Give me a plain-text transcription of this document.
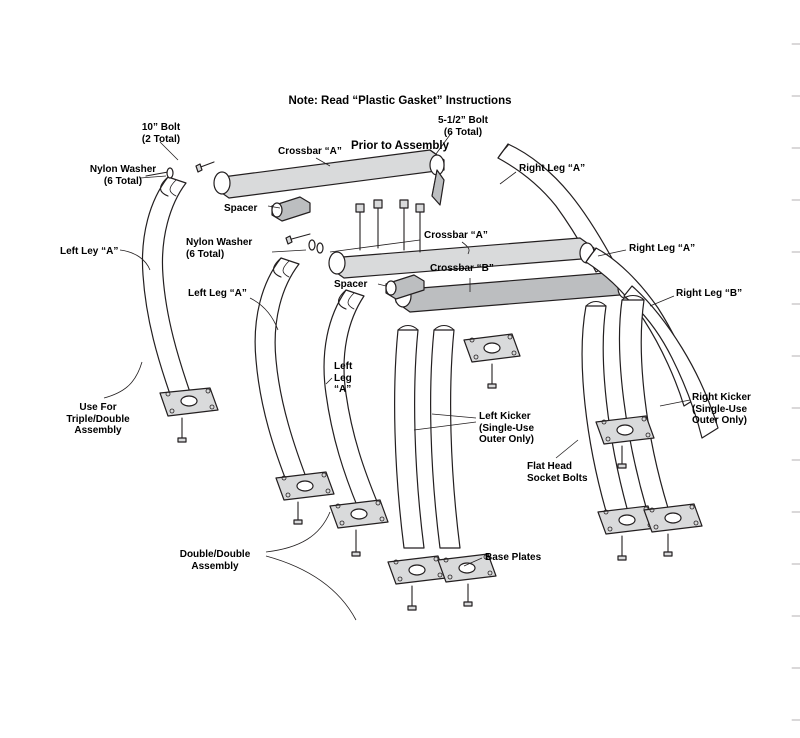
Note: Read “Plastic Gasket” Instructions

Prior to Assembly

10” Bolt
(2 Total)
Nylon Washer
(6 Total)
Crossbar “A”
5-1/2” Bolt
(6 Total)
Right Leg “A”
Spacer
Left Ley “A”
Nylon Washer
(6 Total)
Crossbar “A”
Right Leg “A”
Spacer
Crossbar “B”
Right Leg “B”
Left Leg “A”
Left
Leg
“A”
Use For
Triple/Double
Assembly
Left Kicker
(Single-Use
Outer Only)
Right Kicker
(Single-Use
Outer Only)
Flat Head
Socket Bolts
Double/Double
Assembly
Base Plates
